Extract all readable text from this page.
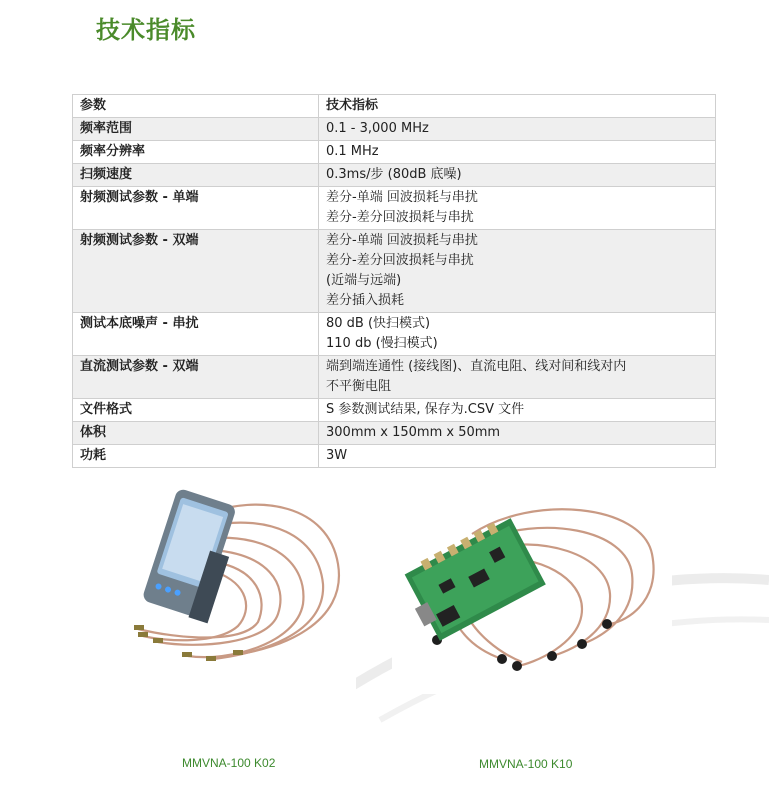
技术指标
参数	技术指标
频率范围	0.1 - 3,000 MHz

频率分辨率	0.1 MHz

扫频速度	0.3ms/步 (80dB 底噪)

射频测试参数 - 单端	差分-单端 回波损耗与串扰
差分-差分回波损耗与串扰

射频测试参数 - 双端	差分-单端 回波损耗与串扰
差分-差分回波损耗与串扰
(近端与远端)
差分插入损耗

测试本底噪声 - 串扰	80 dB (快扫模式)
110 db (慢扫模式)

直流测试参数 - 双端	端到端连通性 (接线图)、直流电阻、线对间和线对内
不平衡电阻

文件格式	S 参数测试结果, 保存为.CSV 文件

体积	300mm x 150mm x 50mm

功耗	3W
MMVNA-100 K02	MMVNA-100 K10
